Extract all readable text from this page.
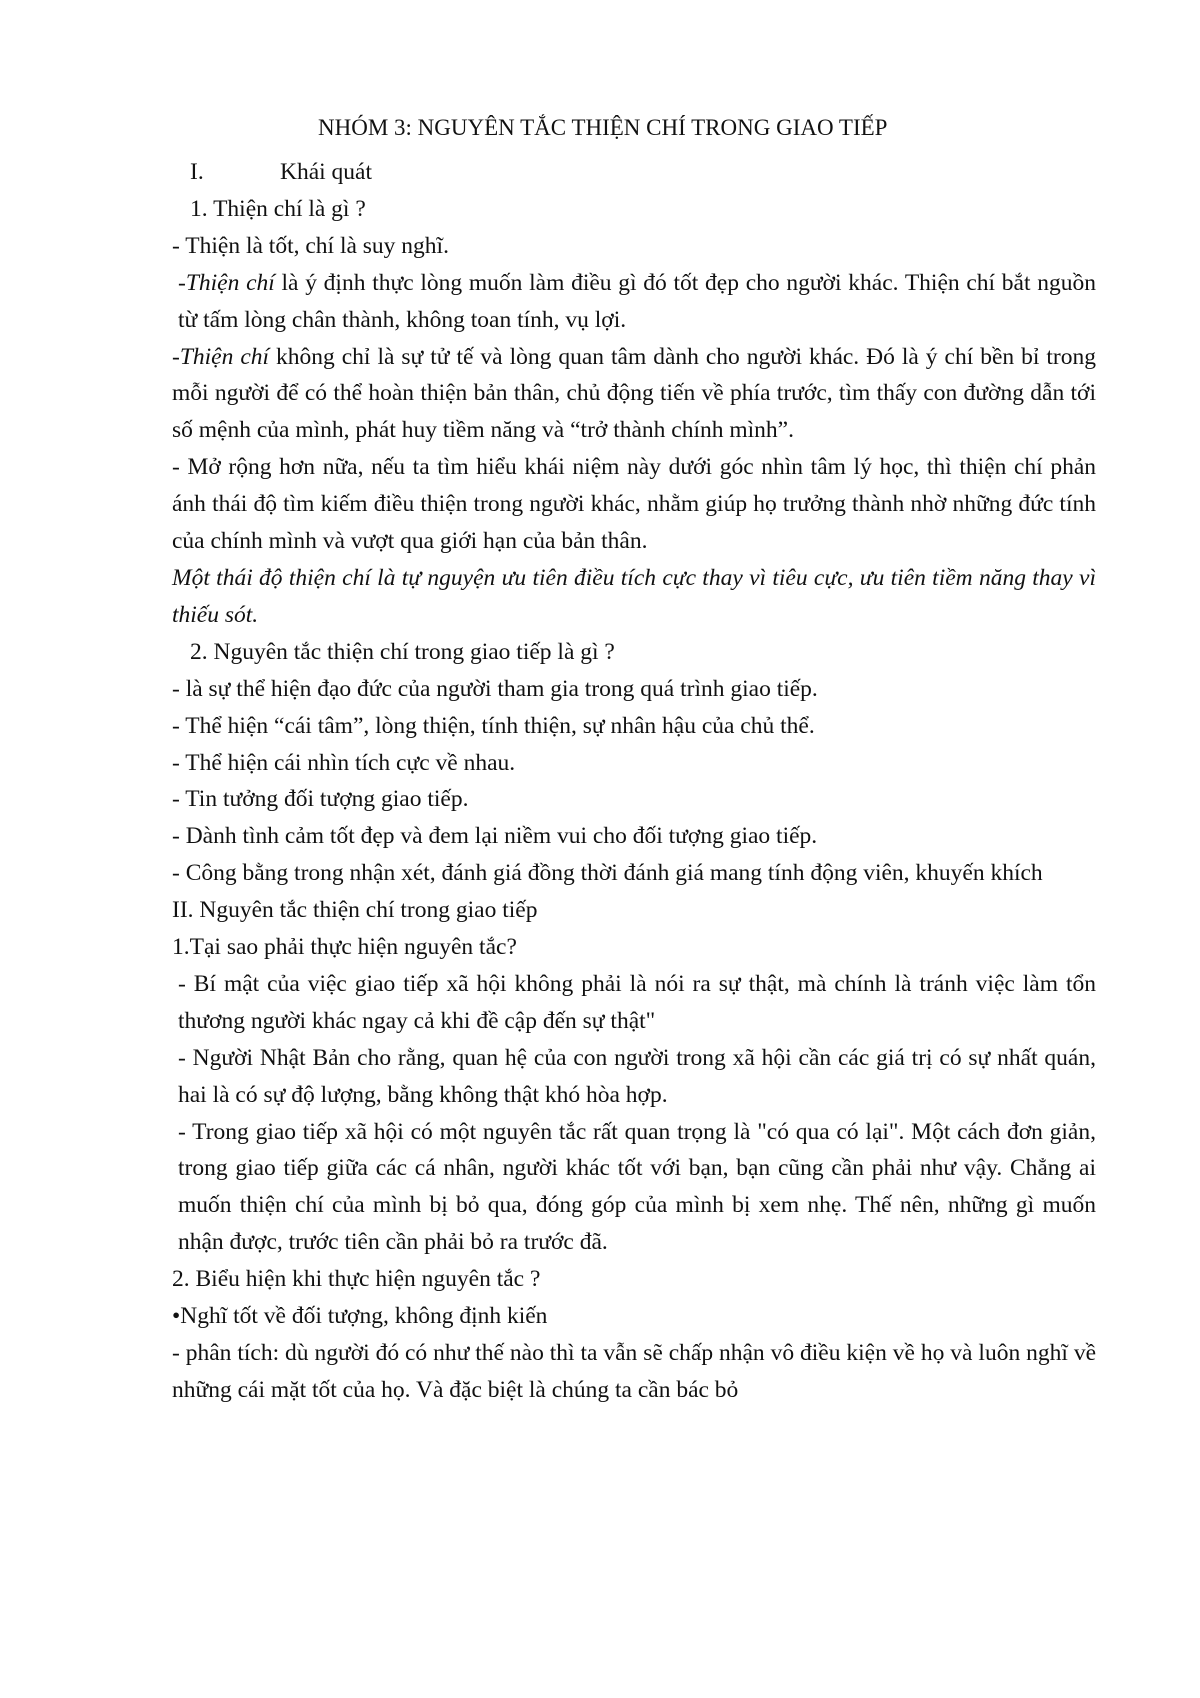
NHÓM 3: NGUYÊN TẮC THIỆN CHÍ TRONG GIAO TIẾP

I.	Khái quát

1. Thiện chí là gì ?

- Thiện là tốt, chí là suy nghĩ.

-Thiện chí là ý định thực lòng muốn làm điều gì đó tốt đẹp cho người khác. Thiện chí bắt nguồn từ tấm lòng chân thành, không toan tính, vụ lợi.

-Thiện chí không chỉ là sự tử tế và lòng quan tâm dành cho người khác. Đó là ý chí bền bỉ trong mỗi người để có thể hoàn thiện bản thân, chủ động tiến về phía trước, tìm thấy con đường dẫn tới số mệnh của mình, phát huy tiềm năng và “trở thành chính mình”.

- Mở rộng hơn nữa, nếu ta tìm hiểu khái niệm này dưới góc nhìn tâm lý học, thì thiện chí phản ánh thái độ tìm kiếm điều thiện trong người khác, nhằm giúp họ trưởng thành nhờ những đức tính của chính mình và vượt qua giới hạn của bản thân.

Một thái độ thiện chí là tự nguyện ưu tiên điều tích cực thay vì tiêu cực, ưu tiên tiềm năng thay vì thiếu sót.

2. Nguyên tắc thiện chí trong giao tiếp là gì ?

- là sự thể hiện đạo đức của người tham gia trong quá trình giao tiếp.

- Thể hiện “cái tâm”, lòng thiện, tính thiện, sự nhân hậu của chủ thể.

- Thể hiện cái nhìn tích cực về nhau.

- Tin tưởng đối tượng giao tiếp.

- Dành tình cảm tốt đẹp và đem lại niềm vui cho đối tượng giao tiếp.

- Công bằng trong nhận xét, đánh giá đồng thời đánh giá mang tính động viên, khuyến khích

II. Nguyên tắc thiện chí trong giao tiếp

1.Tại sao phải thực hiện nguyên tắc?

- Bí mật của việc giao tiếp xã hội không phải là nói ra sự thật, mà chính là tránh việc làm tổn thương người khác ngay cả khi đề cập đến sự thật"

- Người Nhật Bản cho rằng, quan hệ của con người trong xã hội cần các giá trị có sự nhất quán, hai là có sự độ lượng, bằng không thật khó hòa hợp.

- Trong giao tiếp xã hội có một nguyên tắc rất quan trọng là "có qua có lại". Một cách đơn giản, trong giao tiếp giữa các cá nhân, người khác tốt với bạn, bạn cũng cần phải như vậy. Chẳng ai muốn thiện chí của mình bị bỏ qua, đóng góp của mình bị xem nhẹ. Thế nên, những gì muốn nhận được, trước tiên cần phải bỏ ra trước đã.

2. Biểu hiện khi thực hiện nguyên tắc ?

•Nghĩ tốt về đối tượng, không định kiến

- phân tích: dù người đó có như thế nào thì ta vẫn sẽ chấp nhận vô điều kiện về họ và luôn nghĩ về những cái mặt tốt của họ. Và đặc biệt là chúng ta cần bác bỏ
